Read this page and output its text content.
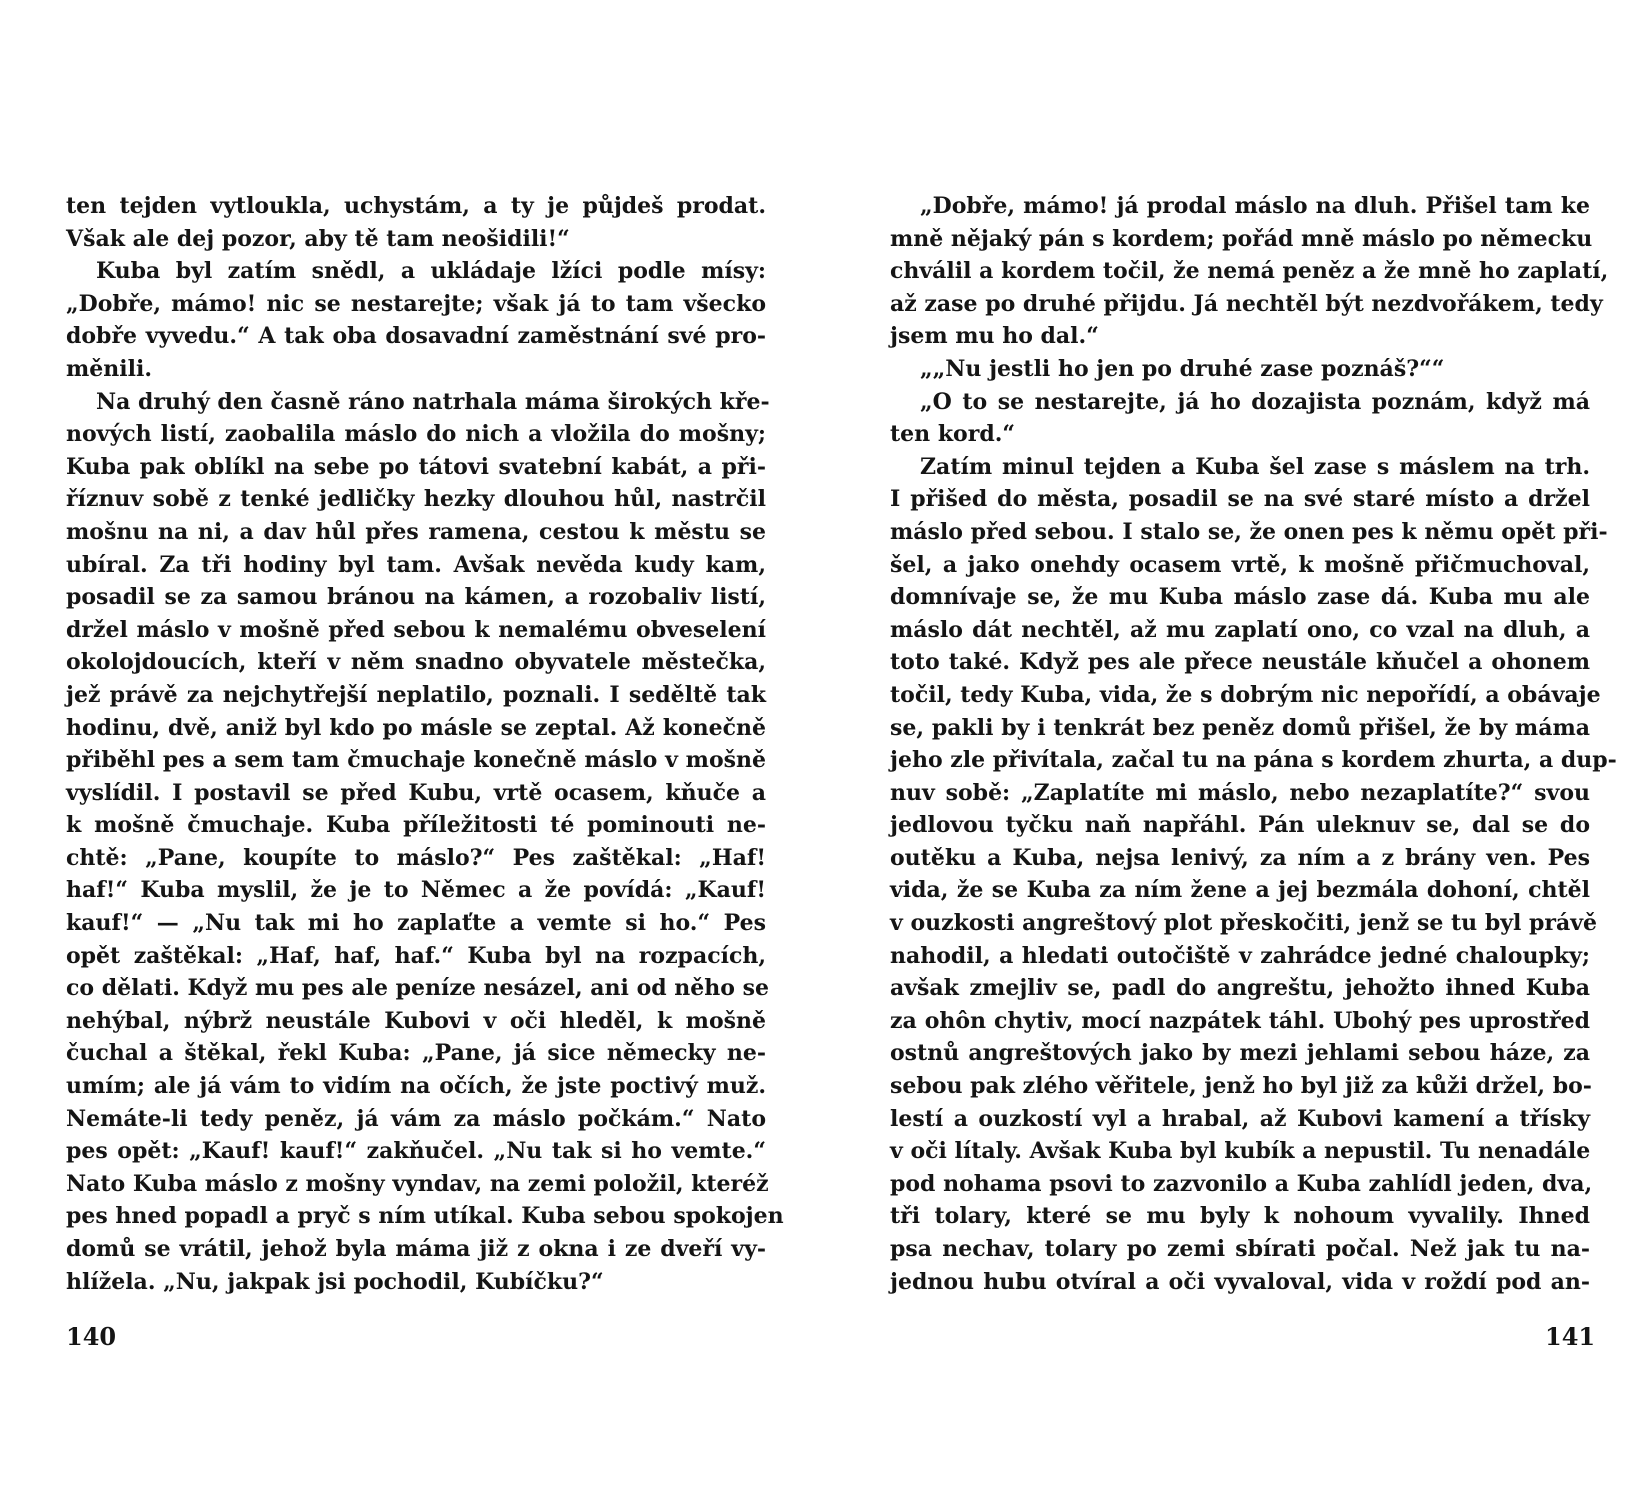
ten tejden vytloukla, uchystám, a ty je půjdeš prodat.
Však ale dej pozor, aby tě tam neošidili!“
Kuba byl zatím snědl, a ukládaje lžíci podle mísy:
„Dobře, mámo! nic se nestarejte; však já to tam všecko
dobře vyvedu.“ A tak oba dosavadní zaměstnání své pro-
měnili.
Na druhý den časně ráno natrhala máma širokých kře-
nových listí, zaobalila máslo do nich a vložila do mošny;
Kuba pak oblíkl na sebe po tátovi svatební kabát, a při-
říznuv sobě z tenké jedličky hezky dlouhou hůl, nastrčil
mošnu na ni, a dav hůl přes ramena, cestou k městu se
ubíral. Za tři hodiny byl tam. Avšak nevěda kudy kam,
posadil se za samou bránou na kámen, a rozobaliv listí,
držel máslo v mošně před sebou k nemalému obveselení
okolojdoucích, kteří v něm snadno obyvatele městečka,
jež právě za nejchytřejší neplatilo, poznali. I seděltě tak
hodinu, dvě, aniž byl kdo po másle se zeptal. Až konečně
přiběhl pes a sem tam čmuchaje konečně máslo v mošně
vyslídil. I postavil se před Kubu, vrtě ocasem, kňuče a
k mošně čmuchaje. Kuba příležitosti té pominouti ne-
chtě: „Pane, koupíte to máslo?“ Pes zaštěkal: „Haf!
haf!“ Kuba myslil, že je to Němec a že povídá: „Kauf!
kauf!“ — „Nu tak mi ho zaplaťte a vemte si ho.“ Pes
opět zaštěkal: „Haf, haf, haf.“ Kuba byl na rozpacích,
co dělati. Když mu pes ale peníze nesázel, ani od něho se
nehýbal, nýbrž neustále Kubovi v oči hleděl, k mošně
čuchal a štěkal, řekl Kuba: „Pane, já sice německy ne-
umím; ale já vám to vidím na očích, že jste poctivý muž.
Nemáte-li tedy peněz, já vám za máslo počkám.“ Nato
pes opět: „Kauf! kauf!“ zakňučel. „Nu tak si ho vemte.“
Nato Kuba máslo z mošny vyndav, na zemi položil, kteréž
pes hned popadl a pryč s ním utíkal. Kuba sebou spokojen
domů se vrátil, jehož byla máma již z okna i ze dveří vy-
hlížela. „Nu, jakpak jsi pochodil, Kubíčku?“
140
„Dobře, mámo! já prodal máslo na dluh. Přišel tam ke
mně nějaký pán s kordem; pořád mně máslo po německu
chválil a kordem točil, že nemá peněz a že mně ho zaplatí,
až zase po druhé přijdu. Já nechtěl být nezdvořákem, tedy
jsem mu ho dal.“
„„Nu jestli ho jen po druhé zase poznáš?““
„O to se nestarejte, já ho dozajista poznám, když má
ten kord.“
Zatím minul tejden a Kuba šel zase s máslem na trh.
I přišed do města, posadil se na své staré místo a držel
máslo před sebou. I stalo se, že onen pes k němu opět při-
šel, a jako onehdy ocasem vrtě, k mošně přičmuchoval,
domnívaje se, že mu Kuba máslo zase dá. Kuba mu ale
máslo dát nechtěl, až mu zaplatí ono, co vzal na dluh, a
toto také. Když pes ale přece neustále kňučel a ohonem
točil, tedy Kuba, vida, že s dobrým nic nepořídí, a obávaje
se, pakli by i tenkrát bez peněz domů přišel, že by máma
jeho zle přivítala, začal tu na pána s kordem zhurta, a dup-
nuv sobě: „Zaplatíte mi máslo, nebo nezaplatíte?“ svou
jedlovou tyčku naň napřáhl. Pán uleknuv se, dal se do
outěku a Kuba, nejsa lenivý, za ním a z brány ven. Pes
vida, že se Kuba za ním žene a jej bezmála dohoní, chtěl
v ouzkosti angreštový plot přeskočiti, jenž se tu byl právě
nahodil, a hledati outočiště v zahrádce jedné chaloupky;
avšak zmejliv se, padl do angreštu, jehožto ihned Kuba
za ohôn chytiv, mocí nazpátek táhl. Ubohý pes uprostřed
ostnů angreštových jako by mezi jehlami sebou háze, za
sebou pak zlého věřitele, jenž ho byl již za kůži držel, bo-
lestí a ouzkostí vyl a hrabal, až Kubovi kamení a třísky
v oči lítaly. Avšak Kuba byl kubík a nepustil. Tu nenadále
pod nohama psovi to zazvonilo a Kuba zahlídl jeden, dva,
tři tolary, které se mu byly k nohoum vyvalily. Ihned
psa nechav, tolary po zemi sbírati počal. Než jak tu na-
jednou hubu otvíral a oči vyvaloval, vida v roždí pod an-
141
